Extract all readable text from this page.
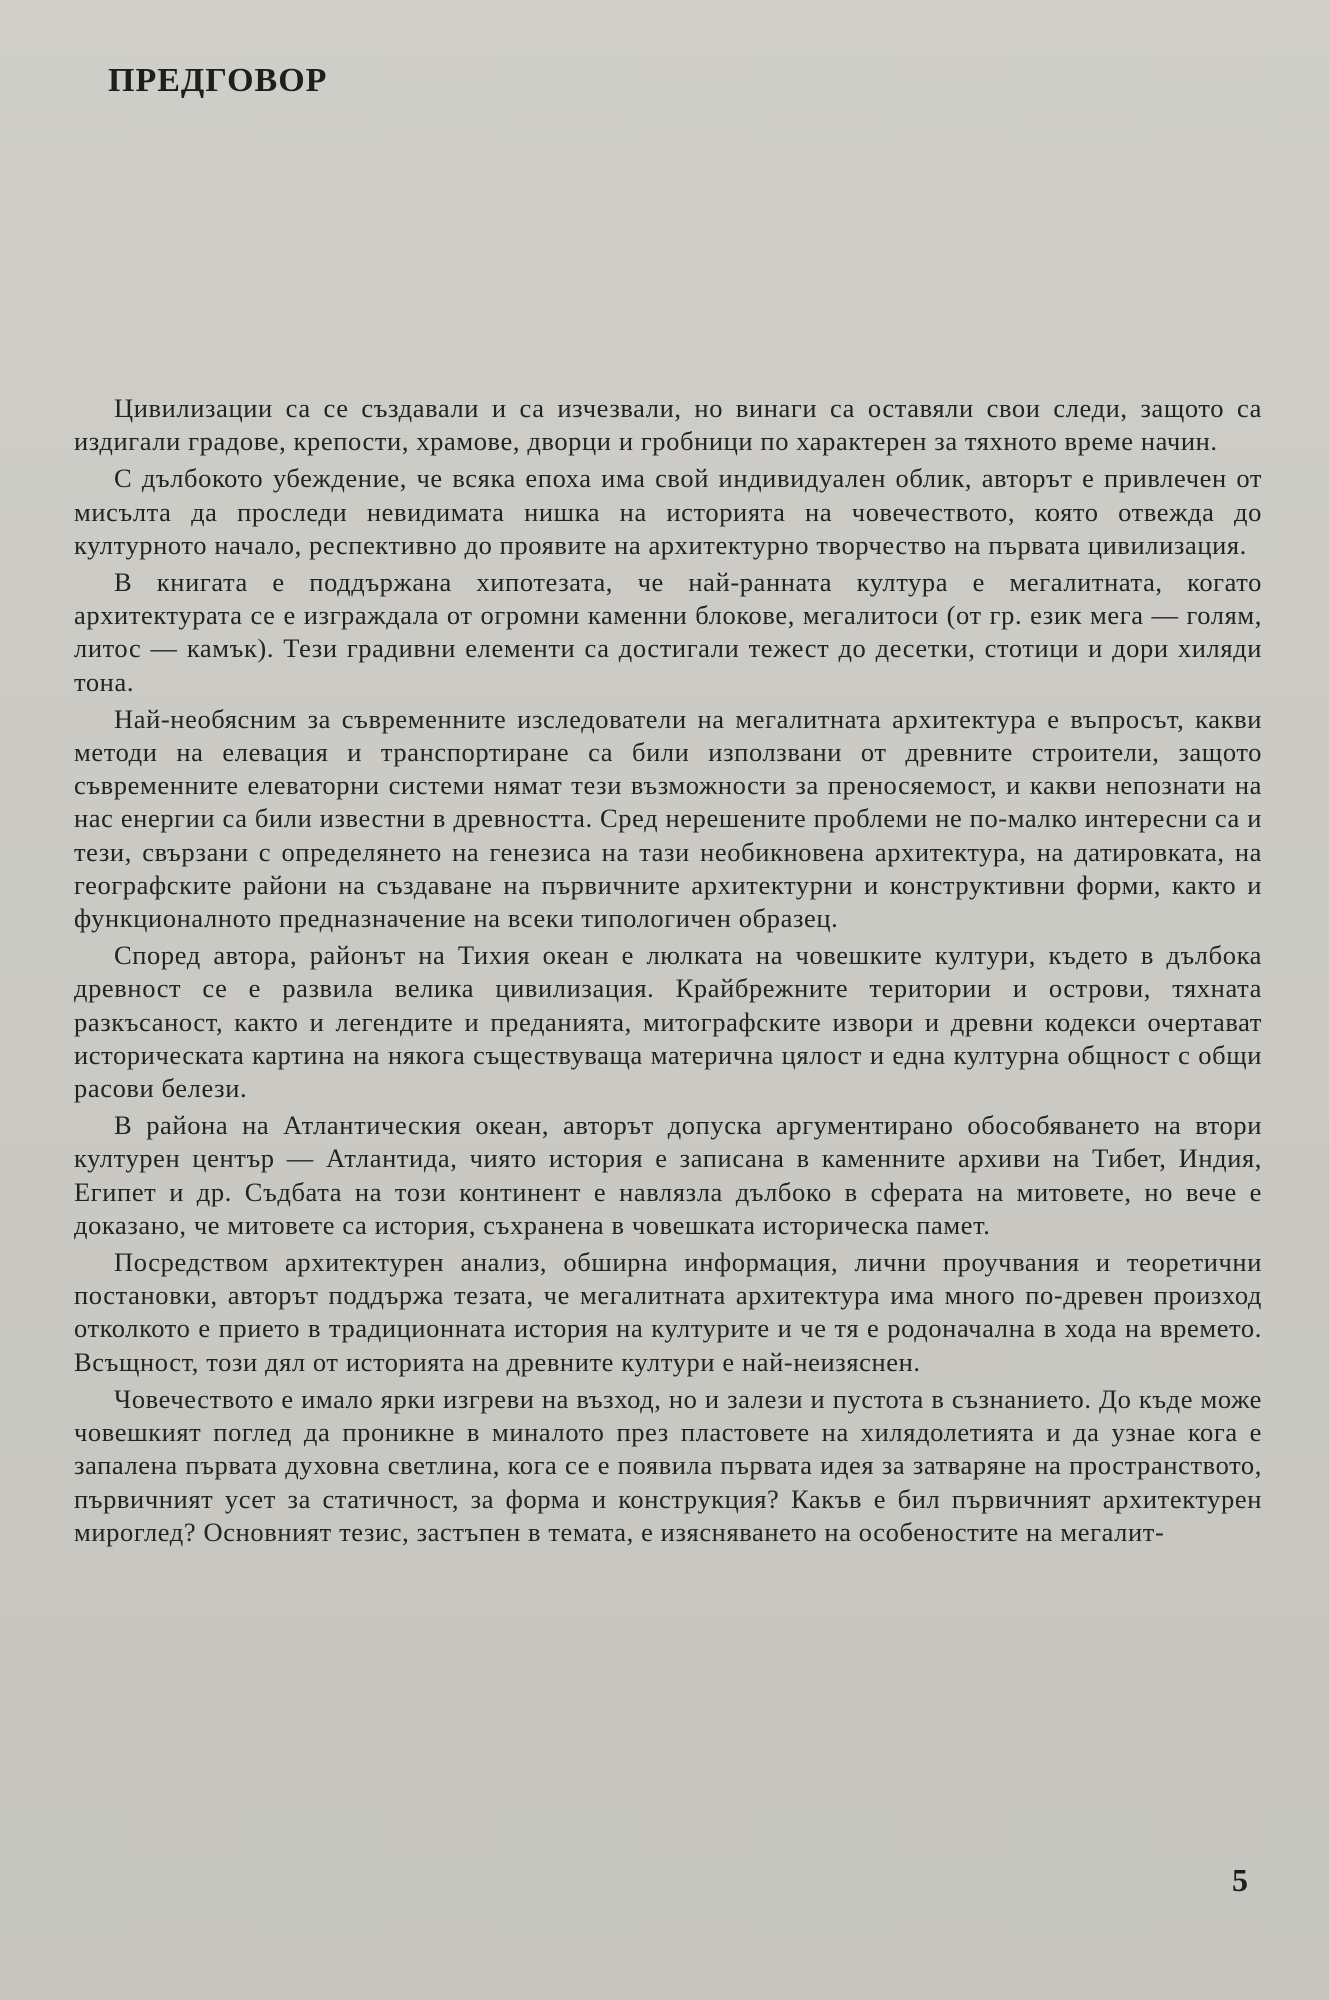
ПРЕДГОВОР

Цивилизации са се създавали и са изчезвали, но винаги са оставяли свои следи, защото са издигали градове, крепости, храмове, дворци и гробници по характерен за тяхното време начин.

С дълбокото убеждение, че всяка епоха има свой индивидуален облик, авторът е привлечен от мисълта да проследи невидимата нишка на историята на човечеството, която отвежда до културното начало, респективно до проявите на архитектурно творчество на първата цивилизация.

В книгата е поддържана хипотезата, че най-ранната култура е мегалитната, когато архитектурата се е изграждала от огромни каменни блокове, мегалитоси (от гр. език мега — голям, литос — камък). Тези градивни елементи са достигали тежест до десетки, стотици и дори хиляди тона.

Най-необясним за съвременните изследователи на мегалитната архитектура е въпросът, какви методи на елевация и транспортиране са били използвани от древните строители, защото съвременните елеваторни системи нямат тези възможности за преносяемост, и какви непознати на нас енергии са били известни в древността. Сред нерешените проблеми не по-малко интересни са и тези, свързани с определянето на генезиса на тази необикновена архитектура, на датировката, на географските райони на създаване на първичните архитектурни и конструктивни форми, както и функционалното предназначение на всеки типологичен образец.

Според автора, районът на Тихия океан е люлката на човешките култури, където в дълбока древност се е развила велика цивилизация. Крайбрежните територии и острови, тяхната разкъсаност, както и легендите и преданията, митографските извори и древни кодекси очертават историческата картина на някога съществуваща матерична цялост и една културна общност с общи расови белези.

В района на Атлантическия океан, авторът допуска аргументирано обособяването на втори културен център — Атлантида, чиято история е записана в каменните архиви на Тибет, Индия, Египет и др. Съдбата на този континент е навлязла дълбоко в сферата на митовете, но вече е доказано, че митовете са история, съхранена в човешката историческа памет.

Посредством архитектурен анализ, обширна информация, лични проучвания и теоретични постановки, авторът поддържа тезата, че мегалитната архитектура има много по-древен произход отколкото е прието в традиционната история на културите и че тя е родоначална в хода на времето. Всъщност, този дял от историята на древните култури е най-неизяснен.

Човечеството е имало ярки изгреви на възход, но и залези и пустота в съзнанието. До къде може човешкият поглед да проникне в миналото през пластовете на хилядолетията и да узнае кога е запалена първата духовна светлина, кога се е появила първата идея за затваряне на пространството, първичният усет за статичност, за форма и конструкция? Какъв е бил първичният архитектурен мироглед? Основният тезис, застъпен в темата, е изясняването на особеностите на мегалит-

5
